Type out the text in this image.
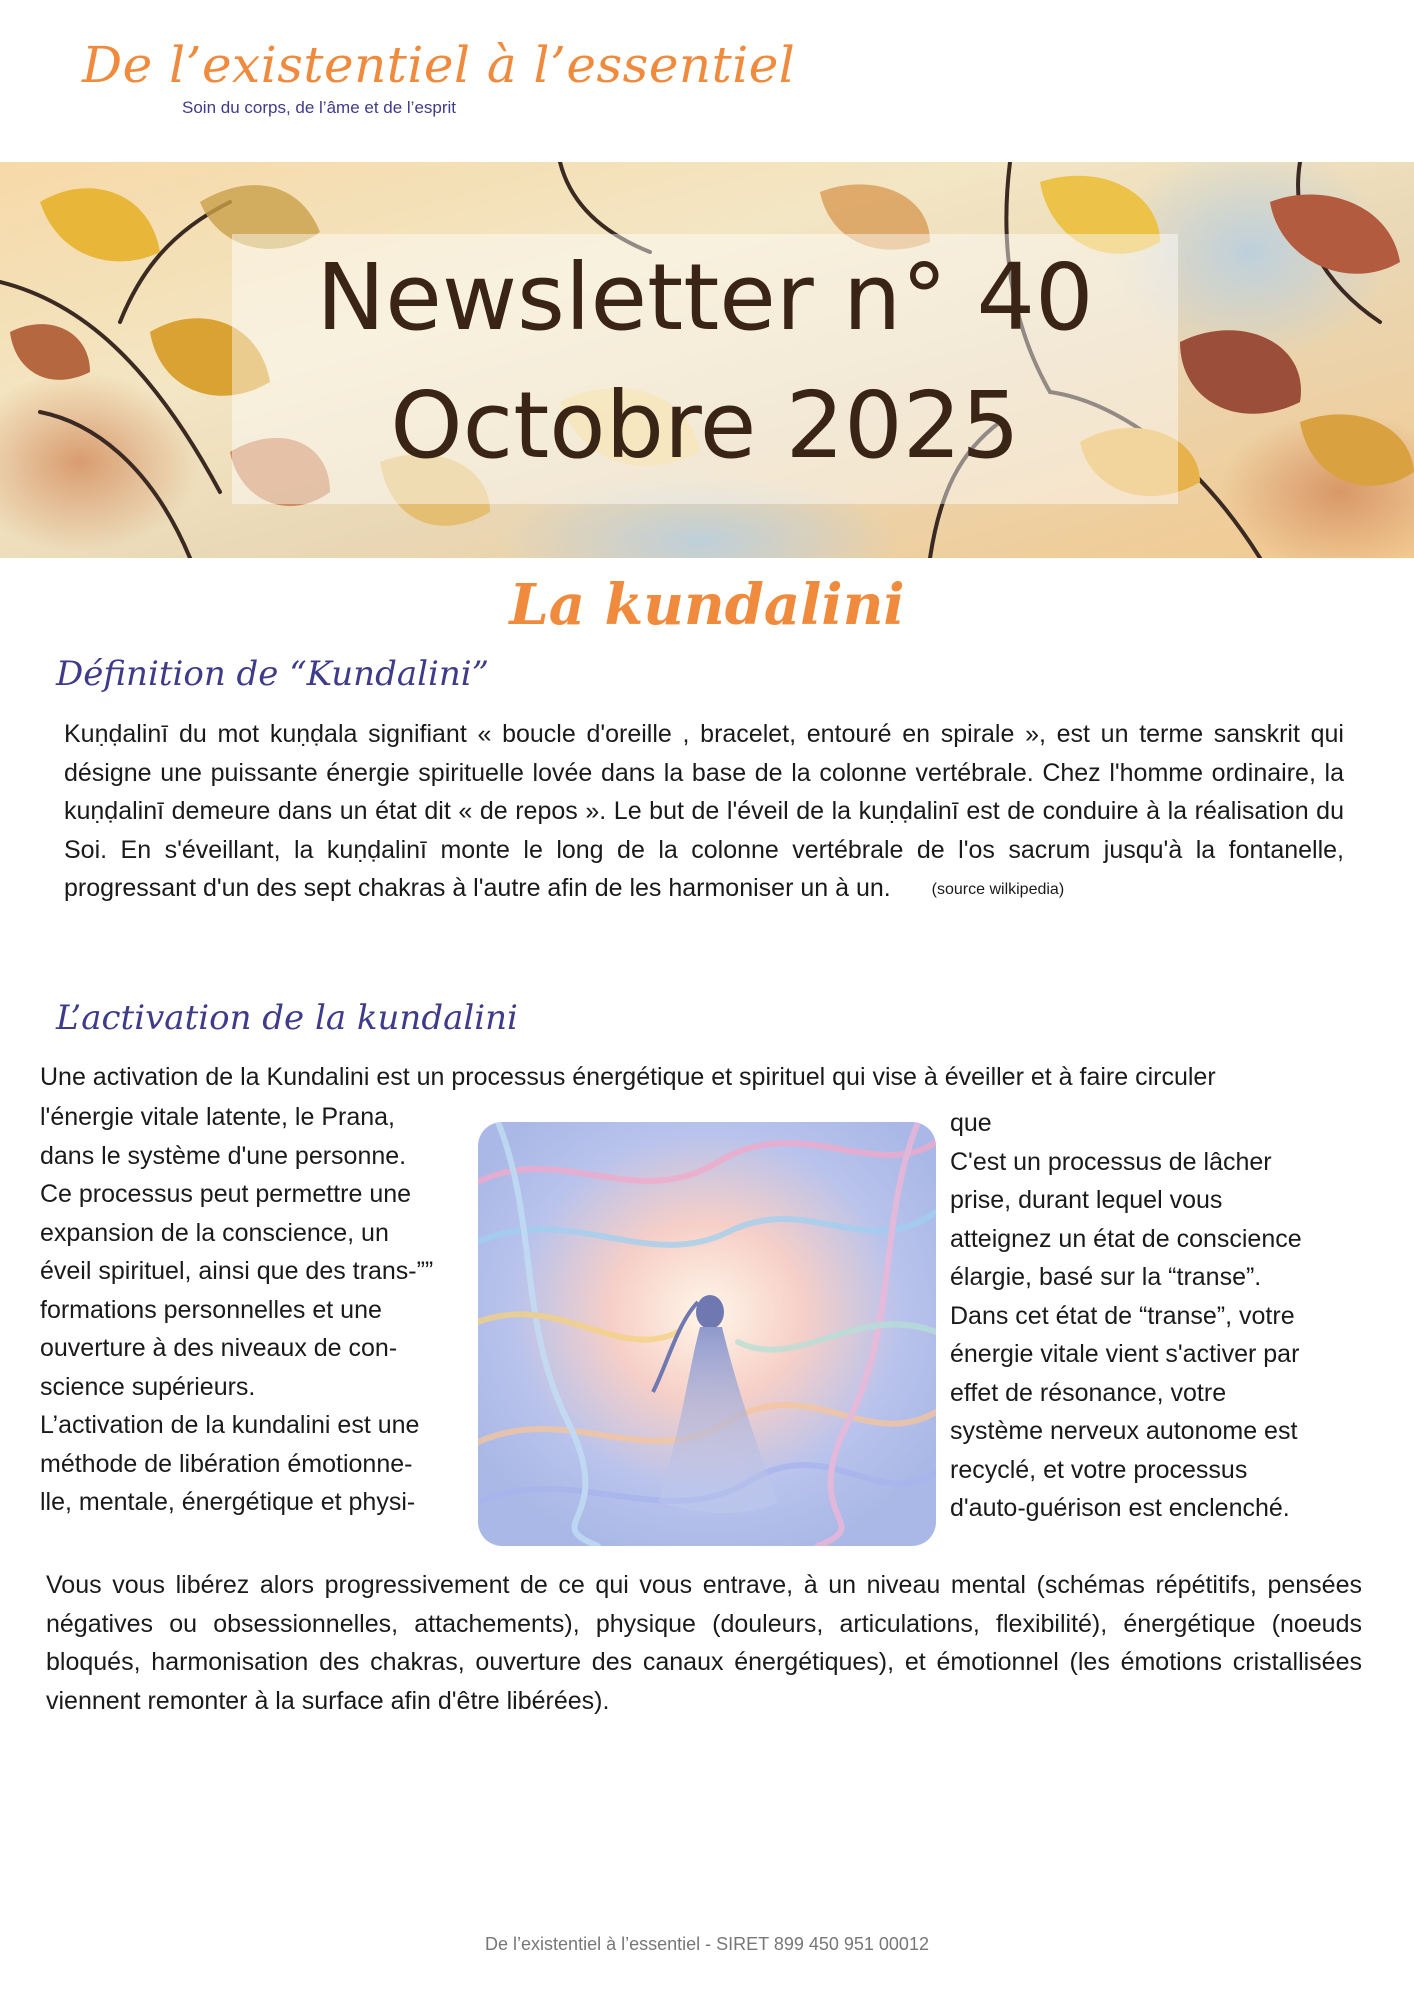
De l’existentiel à l’essentiel
Soin du corps, de l’âme et de l’esprit
Newsletter n° 40
Octobre 2025
La kundalini
Définition de “Kundalini”
Kuṇḍalinī du mot kuṇḍala signifiant « boucle d'oreille , bracelet, entouré en spirale », est un terme sanskrit qui désigne une puissante énergie spirituelle lovée dans la base de la colonne vertébrale. Chez l'homme ordinaire, la kuṇḍalinī demeure dans un état dit « de repos ». Le but de l'éveil de la kuṇḍalinī est de conduire à la réalisation du Soi. En s'éveillant, la kuṇḍalinī monte le long de la colonne vertébrale de l'os sacrum jusqu'à la fontanelle, progressant d'un des sept chakras à l'autre afin de les harmoniser un à un.	(source wilkipedia)
L’activation de la kundalini
Une activation de la Kundalini est un processus énergétique et spirituel qui vise à éveiller et à faire circuler
l'énergie vitale latente, le Prana,
dans le système d'une personne.
Ce processus peut permettre une
expansion de la conscience, un
éveil spirituel, ainsi que des trans-””
formations personnelles et une
ouverture à des niveaux de con-
science supérieurs.
L’activation de la kundalini est une
méthode de libération émotionne-
lle, mentale, énergétique et physi-
que
C'est un processus de lâcher
prise, durant lequel vous
atteignez un état de conscience
élargie, basé sur la “transe”.
Dans cet état de “transe”, votre
énergie vitale vient s'activer par
effet de résonance, votre
système nerveux autonome est
recyclé, et votre processus
d'auto-guérison est enclenché.
Vous vous libérez alors progressivement de ce qui vous entrave, à un niveau mental (schémas répétitifs, pensées négatives ou obsessionnelles, attachements), physique (douleurs, articulations, flexibilité), énergétique (noeuds bloqués, harmonisation des chakras, ouverture des canaux énergétiques), et émotionnel (les émotions cristallisées viennent remonter à la surface afin d'être libérées).
De l’existentiel à l’essentiel - SIRET 899 450 951 00012
